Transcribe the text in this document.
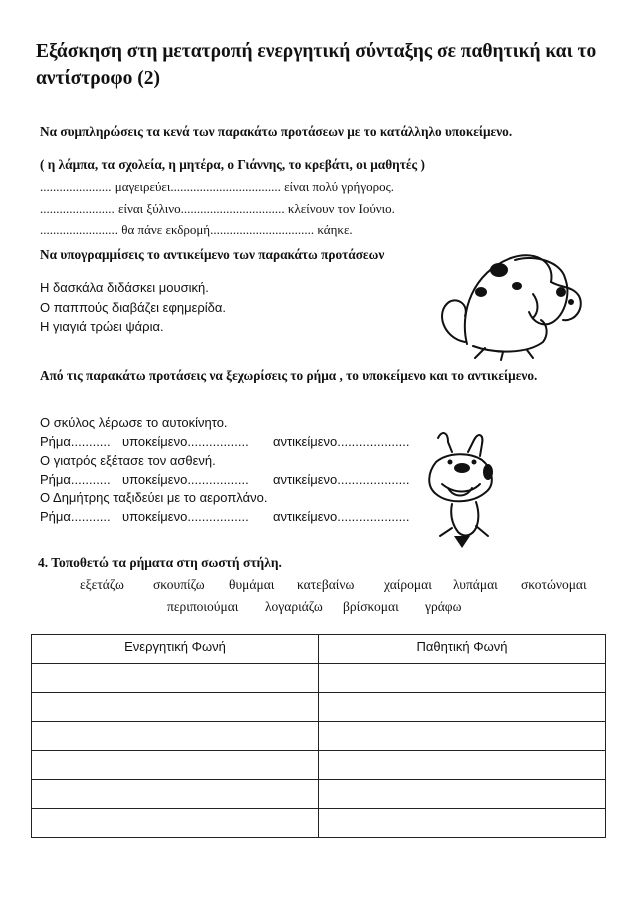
Εξάσκηση στη μετατροπή ενεργητική σύνταξης σε παθητική και το αντίστροφο (2)
Να συμπληρώσεις τα κενά των παρακάτω προτάσεων με το κατάλληλο υποκείμενο.
( η λάμπα, τα σχολεία, η μητέρα, ο Γιάννης, το κρεβάτι, οι μαθητές )
...................... μαγειρεύει.................................. είναι πολύ γρήγορος.
....................... είναι ξύλινο................................ κλείνουν τον Ιούνιο.
........................ θα πάνε εκδρομή................................ κάηκε.
Να υπογραμμίσεις το αντικείμενο των παρακάτω προτάσεων
Η δασκάλα διδάσκει μουσική.
Ο παππούς διαβάζει εφημερίδα.
Η γιαγιά τρώει ψάρια.
Από τις παρακάτω προτάσεις να ξεχωρίσεις το ρήμα , το υποκείμενο και το αντικείμενο.
Ο σκύλος λέρωσε το αυτοκίνητο.
Ρήμα........... υποκείμενο................. αντικείμενο....................
Ο γιατρός εξέτασε τον ασθενή.
Ρήμα........... υποκείμενο................. αντικείμενο....................
Ο Δημήτρης ταξιδεύει με το αεροπλάνο.
Ρήμα........... υποκείμενο................. αντικείμενο....................
4. Τοποθετώ τα ρήματα στη σωστή στήλη.
εξετάζω σκουπίζω θυμάμαι κατεβαίνω χαίρομαι λυπάμαι σκοτώνομαι
περιποιούμαι λογαριάζω βρίσκομαι γράφω
Ενεργητική Φωνή	Παθητική Φωνή
